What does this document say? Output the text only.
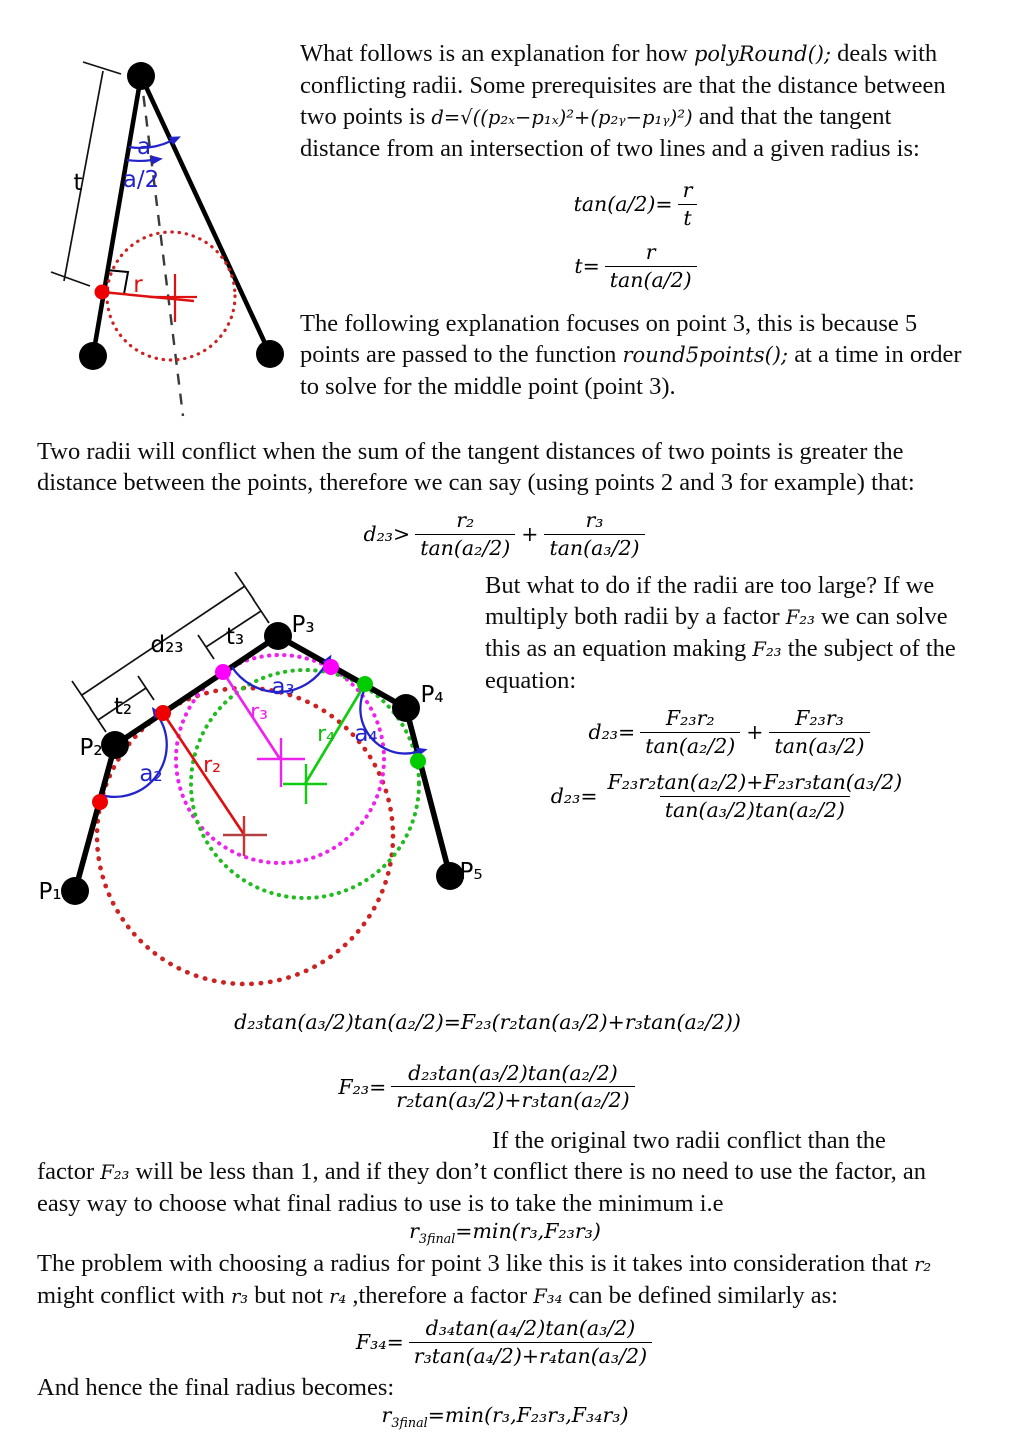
t
a
a/2
r

What follows is an explanation for how polyRound(); deals with conflicting radii. Some prerequisites are that the distance between two points is d=√((p₂ₓ−p₁ₓ)²+(p₂ᵧ−p₁ᵧ)²) and that the tangent distance from an intersection of two lines and a given radius is:

$\tan(a/2)= \frac{r}{t}$
$t= \frac{r}{\tan(a/2)}$

The following explanation focuses on point 3, this is because 5 points are passed to the function round5points(); at a time in order to solve for the middle point (point 3).

Two radii will conflict when the sum of the tangent distances of two points is greater the distance between the points, therefore we can say (using points 2 and 3 for example) that:

$d_{23}> \frac{\text{r₂}}{\text{tan(a₂/2)}} + \frac{\text{r₃}}{\text{tan(a₃/2)}}$
P₁
P₂
P₃
P₄
P₅
d₂₃
t₂
t₃
a₂
a₃
a₄
r₂
r₃
r₄

But what to do if the radii are too large? If we multiply both radii by a factor F₂₃ we can solve this as an equation making F₂₃ the subject of the equation:

$d_{23}= \frac{\text{F₂₃r₂}}{\text{tan(a₂/2)}} + \frac{\text{F₂₃r₃}}{\text{tan(a₃/2)}}$
$d_{23}= \frac{\text{F₂₃r₂tan(a₂/2)+F₂₃r₃tan(a₃/2)}}{\text{tan(a₃/2)tan(a₂/2)}}$
d₂₃tan(a₃/2)tan(a₂/2)=F₂₃(r₂tan(a₃/2)+r₃tan(a₂/2))
$F_{23}= \frac{\text{d₂₃tan(a₃/2)tan(a₂/2)}}{\text{r₂tan(a₃/2)+r₃tan(a₂/2)}}$

If the original two radii conflict than the

factor F₂₃ will be less than 1, and if they don’t conflict there is no need to use the factor, an easy way to choose what final radius to use is to take the minimum i.e

$r_{3final}=\min(r_3,F_{23}r_3)$

The problem with choosing a radius for point 3 like this is it takes into consideration that r₂ might conflict with r₃ but not r₄ ,therefore a factor F₃₄ can be defined similarly as:

$F_{34}= \frac{\text{d₃₄tan(a₄/2)tan(a₃/2)}}{\text{r₃tan(a₄/2)+r₄tan(a₃/2)}}$

And hence the final radius becomes:

$r_{3final}=\min(r_3,F_{23}r_3,F_{34}r_3)$
